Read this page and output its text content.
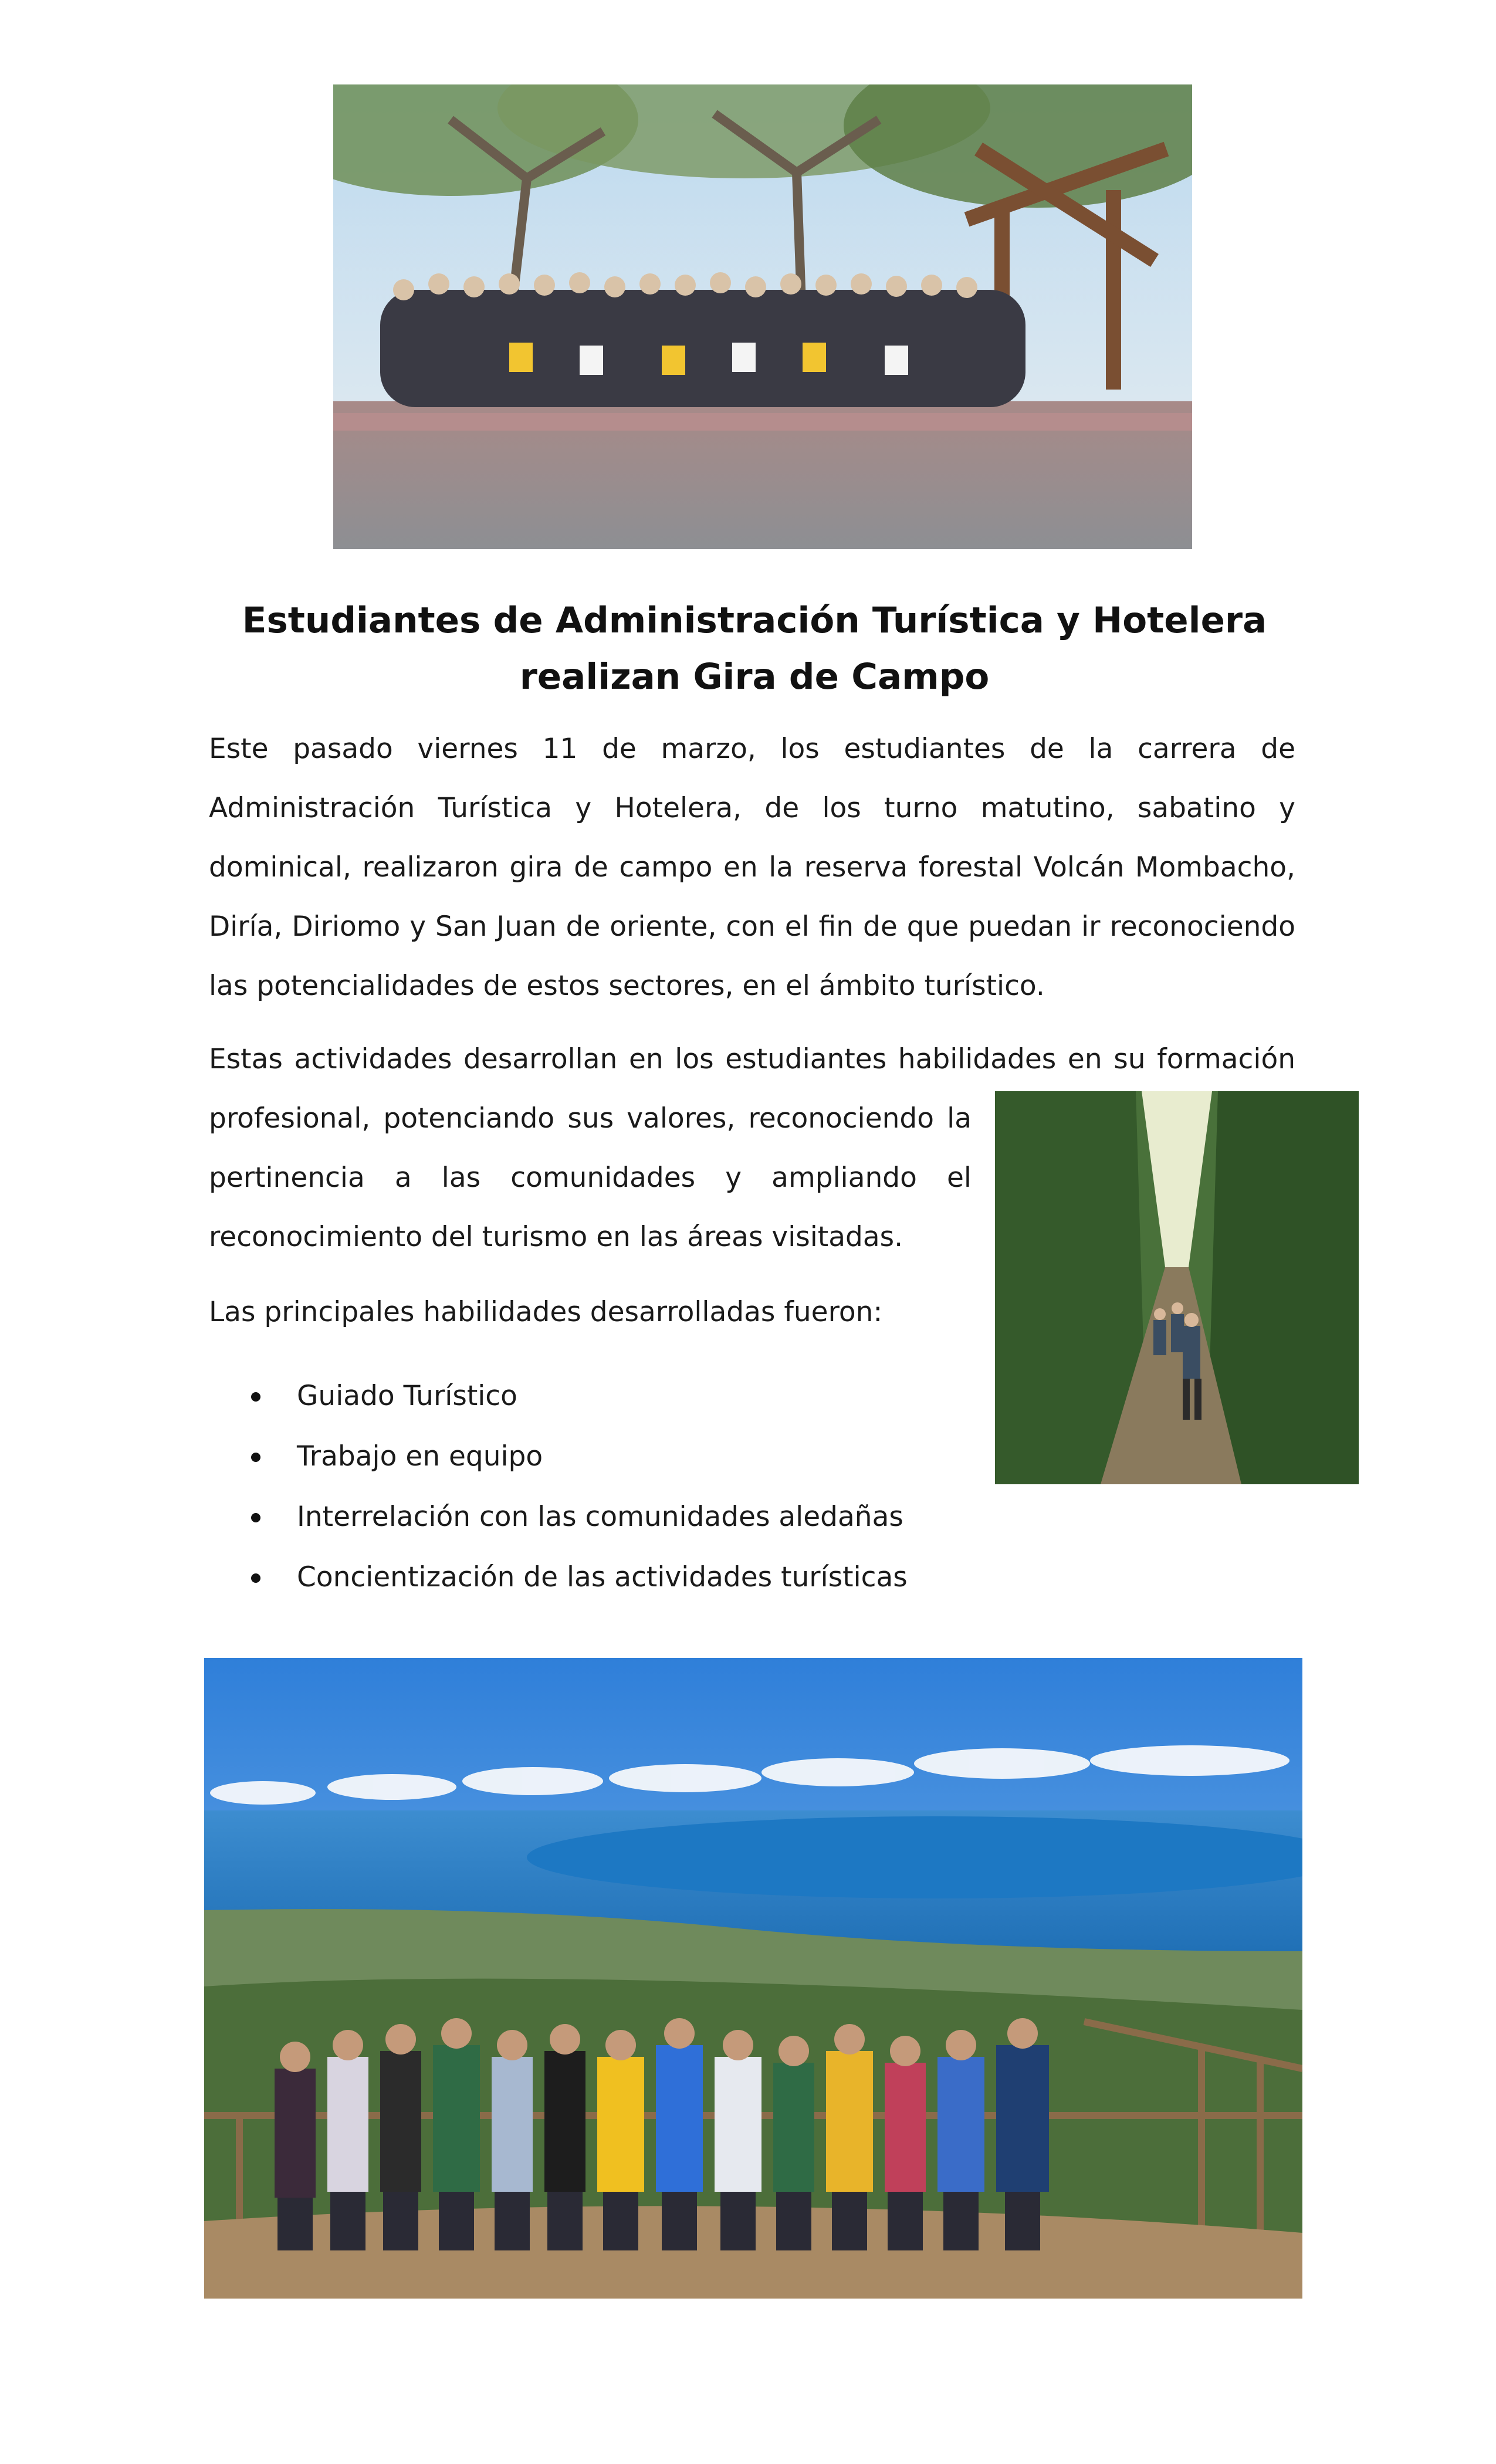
Estudiantes de Administración Turística y Hotelera
realizan Gira de Campo

Este pasado viernes 11 de marzo, los estudiantes de la carrera de Administración Turística y Hotelera, de los turno matutino, sabatino y dominical, realizaron gira de campo en la reserva forestal Volcán Mombacho, Diría, Diriomo y San Juan de oriente, con el fin de que puedan ir reconociendo las potencialidades de estos sectores, en el ámbito turístico.

Estas actividades desarrollan en los estudiantes habilidades en su formación
profesional, potenciando sus valores, reconociendo la pertinencia a las comunidades y ampliando el reconocimiento del turismo en las áreas visitadas.

Las principales habilidades desarrolladas fueron:

Guiado Turístico
Trabajo en equipo
Interrelación con las comunidades aledañas
Concientización de las actividades turísticas
